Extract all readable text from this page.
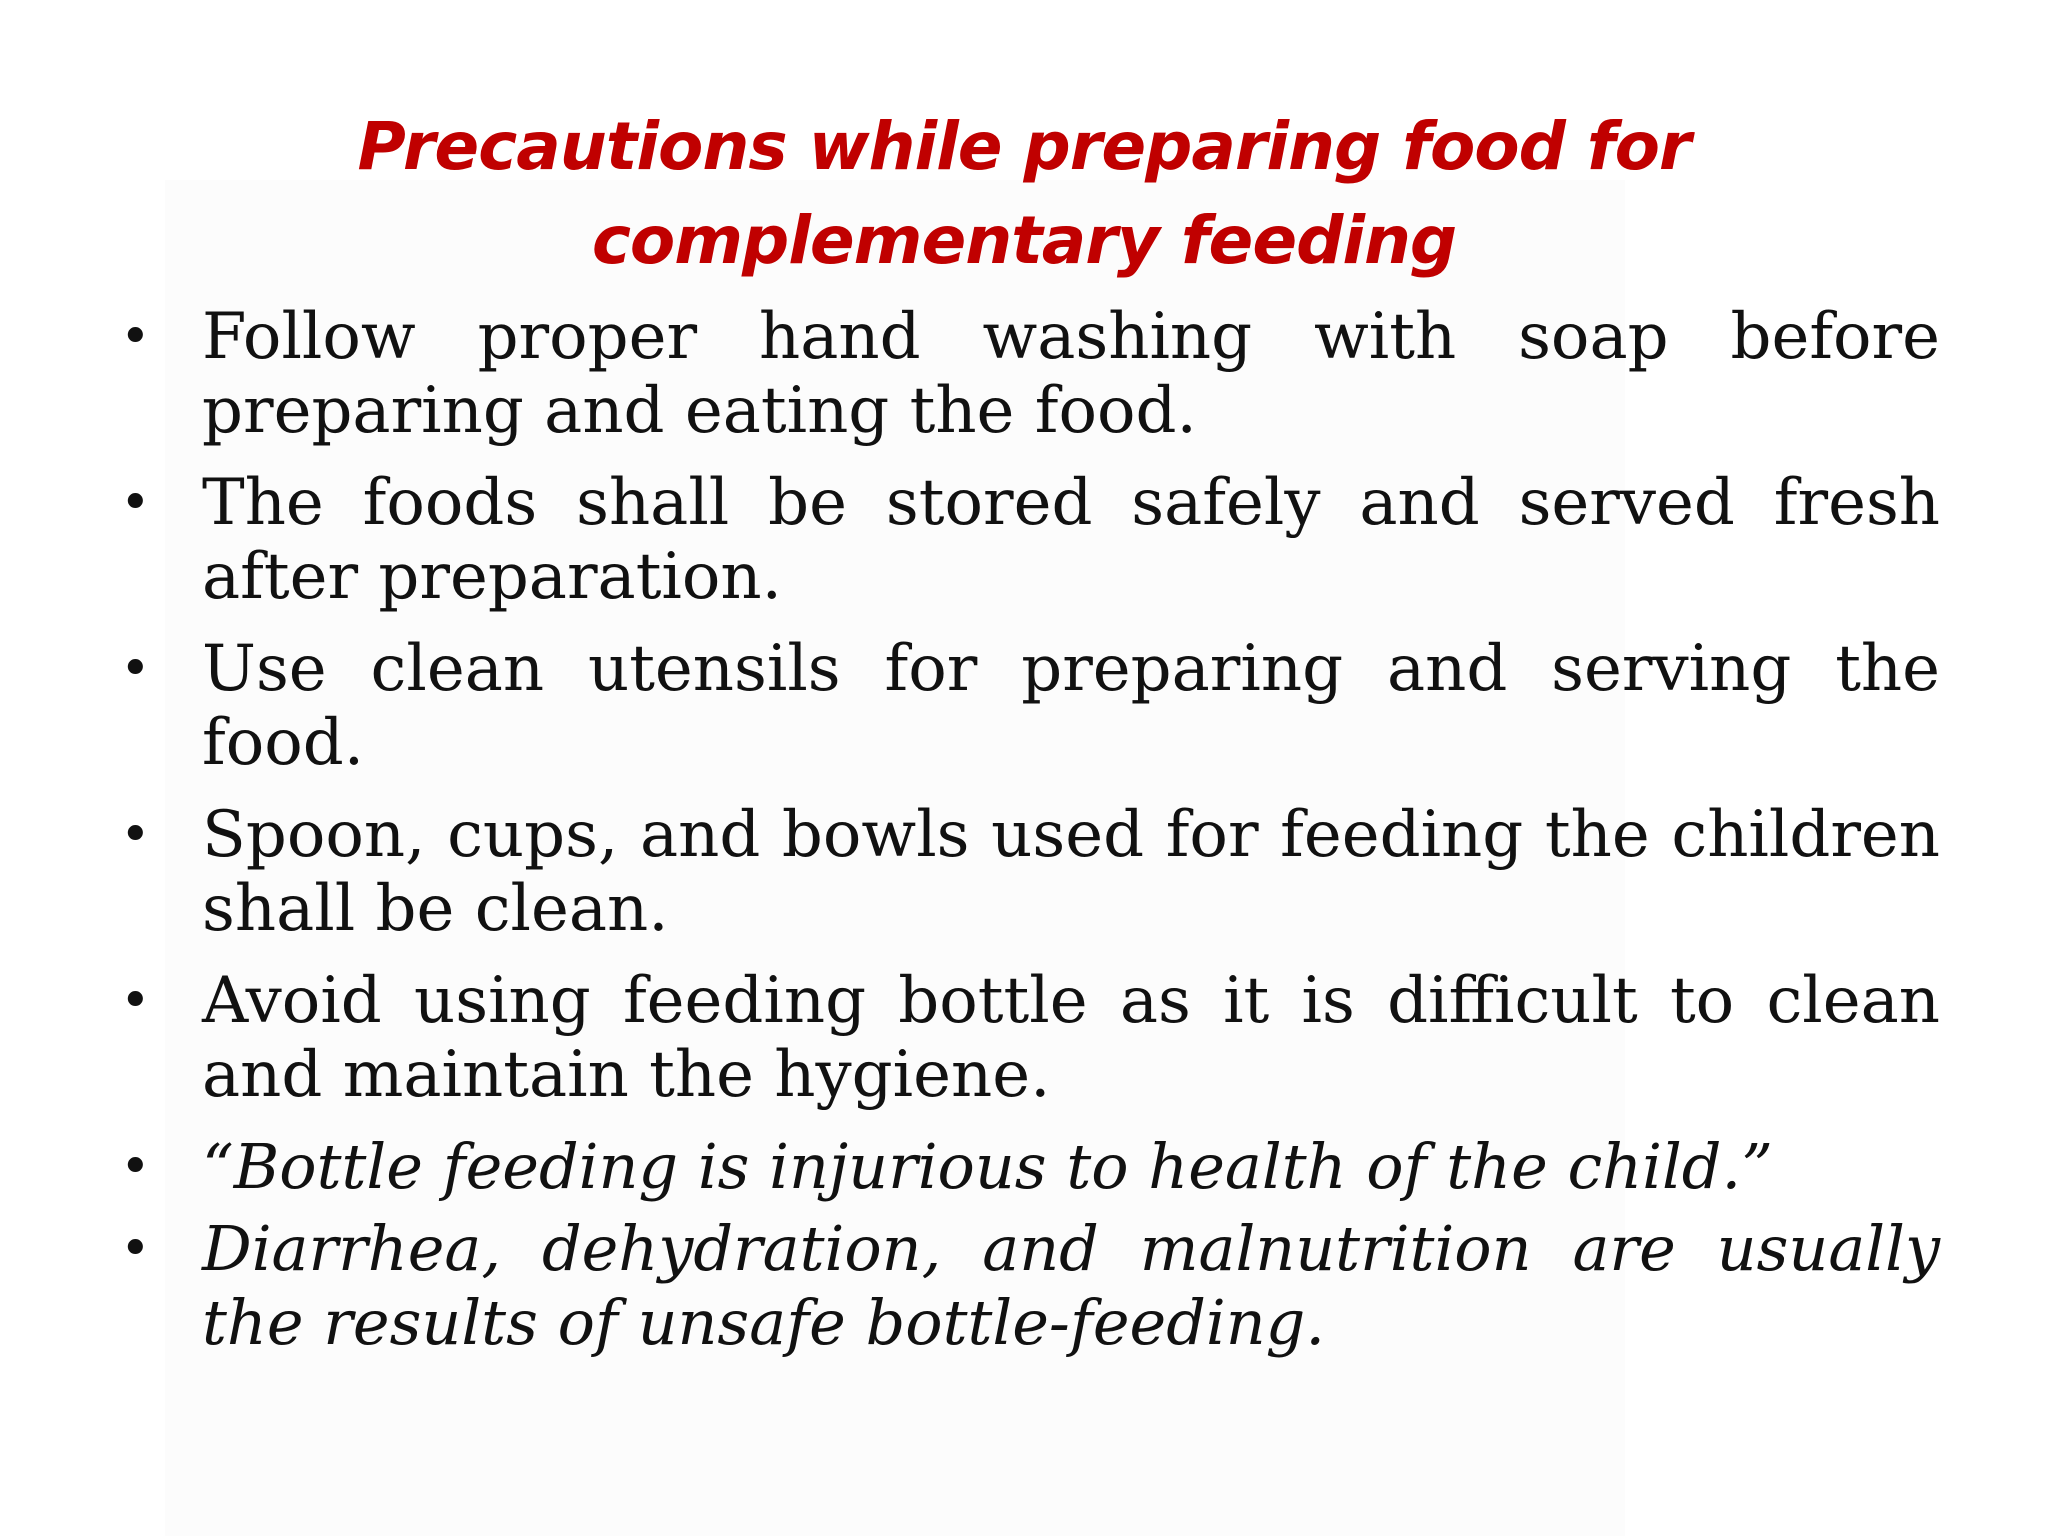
Precautions while preparing food for complementary feeding
• Follow proper hand washing with soap before preparing and eating the food.
• The foods shall be stored safely and served fresh after preparation.
• Use clean utensils for preparing and serving the food.
• Spoon, cups, and bowls used for feeding the children shall be clean.
• Avoid using feeding bottle as it is difficult to clean and maintain the hygiene.
• “Bottle feeding is injurious to health of the child.”
• Diarrhea, dehydration, and malnutrition are usually the results of unsafe bottle-feeding.
